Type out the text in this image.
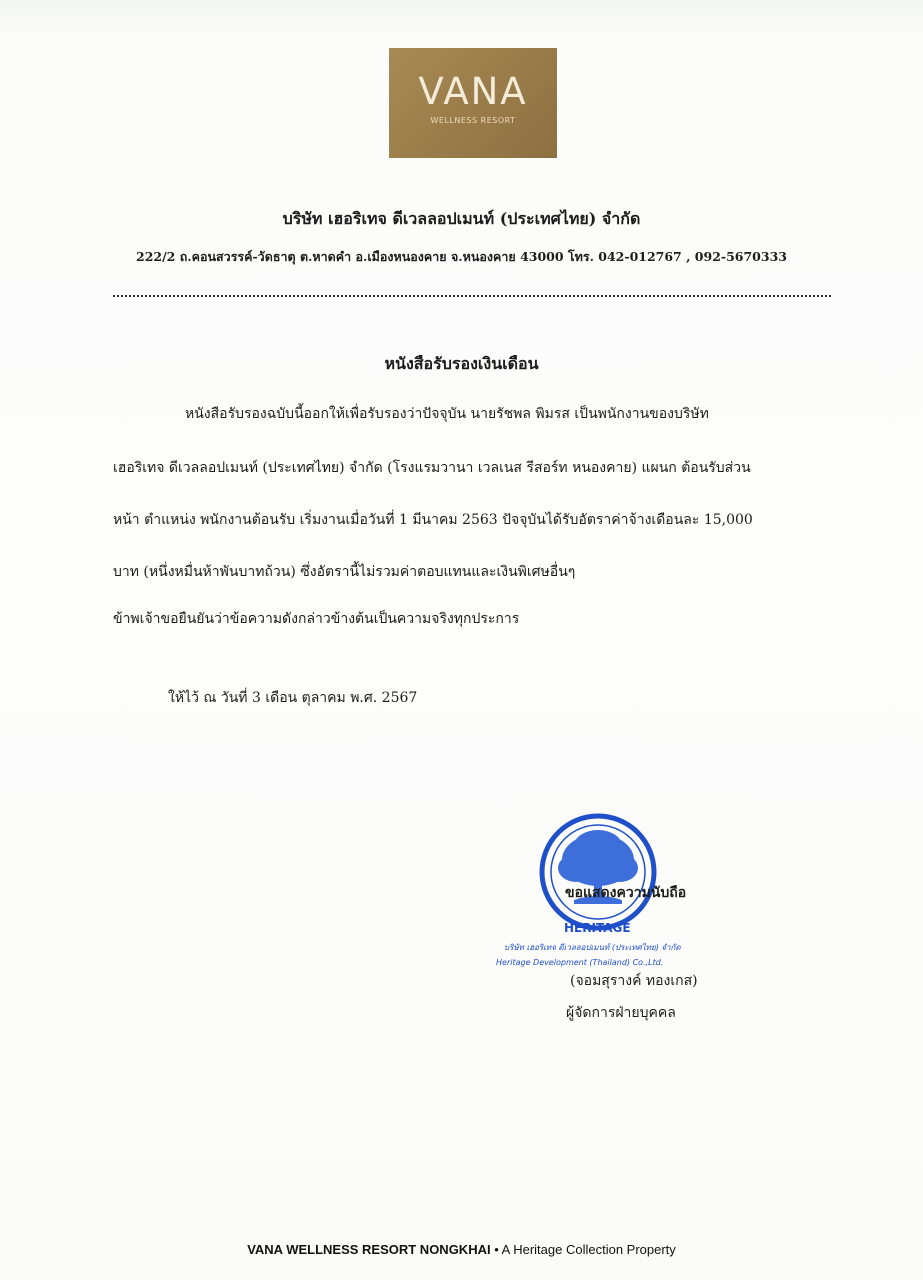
VANA
WELLNESS RESORT
บริษัท เฮอริเทจ ดีเวลลอปเมนท์ (ประเทศไทย) จำกัด
222/2 ถ.คอนสวรรค์-วัดธาตุ ต.หาดคำ อ.เมืองหนองคาย จ.หนองคาย 43000 โทร. 042-012767 , 092-5670333
หนังสือรับรองเงินเดือน
หนังสือรับรองฉบับนี้ออกให้เพื่อรับรองว่าปัจจุบัน นายรัชพล พิมรส เป็นพนักงานของบริษัท
เฮอริเทจ ดีเวลลอปเมนท์ (ประเทศไทย) จำกัด (โรงแรมวานา เวลเนส รีสอร์ท หนองคาย) แผนก ต้อนรับส่วน
หน้า ตำแหน่ง พนักงานต้อนรับ เริ่มงานเมื่อวันที่ 1 มีนาคม 2563 ปัจจุบันได้รับอัตราค่าจ้างเดือนละ 15,000
บาท (หนึ่งหมื่นห้าพันบาทถ้วน) ซึ่งอัตรานี้ไม่รวมค่าตอบแทนและเงินพิเศษอื่นๆ
ข้าพเจ้าขอยืนยันว่าข้อความดังกล่าวข้างต้นเป็นความจริงทุกประการ
ให้ไว้ ณ วันที่ 3 เดือน ตุลาคม พ.ศ. 2567
HERITAGE
บริษัท เฮอริเทจ ดีเวลลอปเมนท์ (ประเทศไทย) จำกัด
Heritage Development (Thailand) Co.,Ltd.
ขอแสดงความนับถือ
(จอมสุรางค์ ทองเกส)
ผู้จัดการฝ่ายบุคคล
VANA WELLNESS RESORT NONGKHAI • A Heritage Collection Property
